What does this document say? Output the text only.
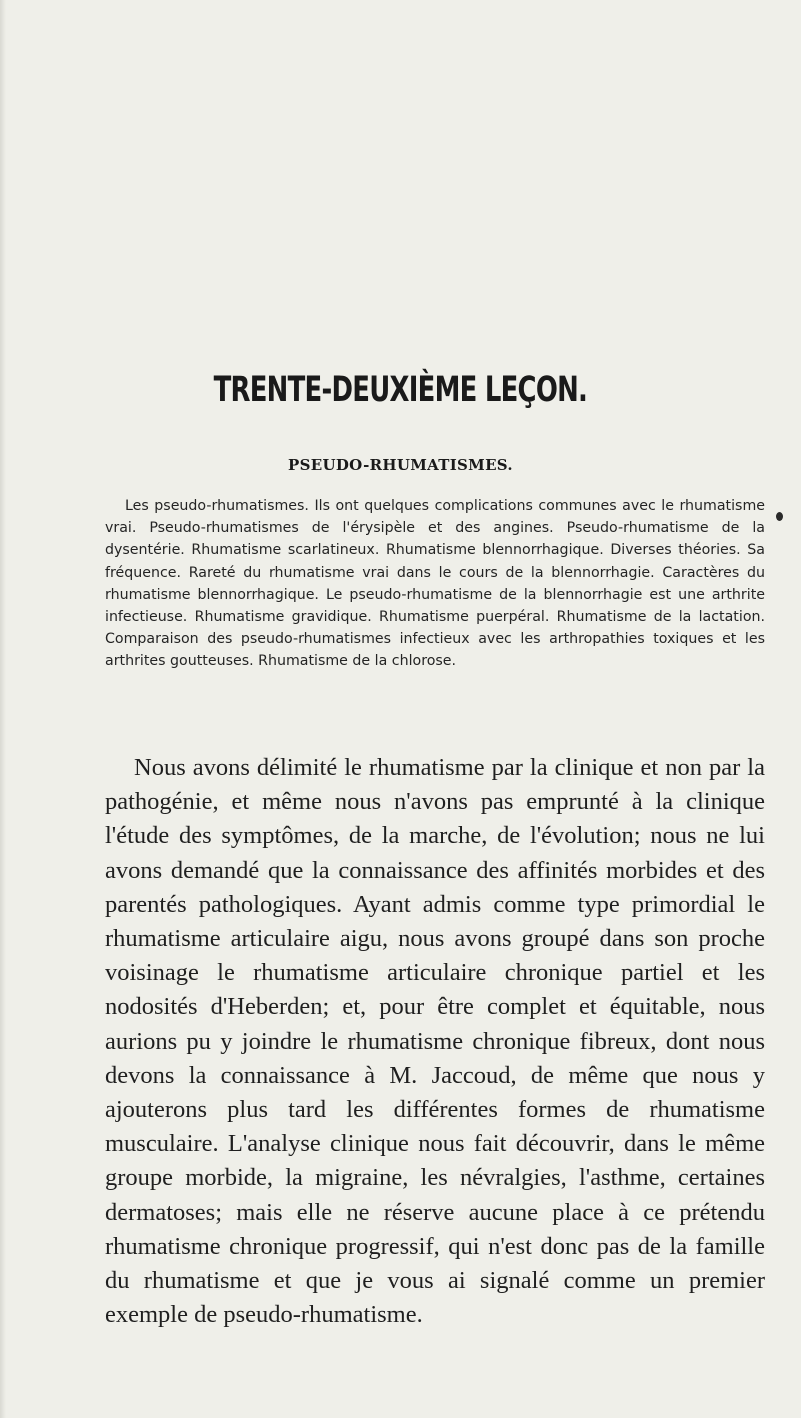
TRENTE-DEUXIÈME LEÇON.
PSEUDO-RHUMATISMES.

Les pseudo-rhumatismes. Ils ont quelques complications communes avec le rhumatisme vrai. Pseudo-rhumatismes de l'érysipèle et des angines. Pseudo-rhumatisme de la dysentérie. Rhumatisme scarlatineux. Rhumatisme blennorrhagique. Diverses théories. Sa fréquence. Rareté du rhumatisme vrai dans le cours de la blennorrhagie. Caractères du rhumatisme blennorrhagique. Le pseudo-rhumatisme de la blennorrhagie est une arthrite infectieuse. Rhumatisme gravidique. Rhumatisme puerpéral. Rhumatisme de la lactation. Comparaison des pseudo-rhumatismes infectieux avec les arthropathies toxiques et les arthrites goutteuses. Rhumatisme de la chlorose.

Nous avons délimité le rhumatisme par la clinique et non par la pathogénie, et même nous n'avons pas emprunté à la clinique l'étude des symptômes, de la marche, de l'évolution; nous ne lui avons demandé que la connaissance des affinités morbides et des parentés pathologiques. Ayant admis comme type primordial le rhumatisme articulaire aigu, nous avons groupé dans son proche voisinage le rhumatisme articulaire chronique partiel et les nodosités d'Heberden; et, pour être complet et équitable, nous aurions pu y joindre le rhumatisme chronique fibreux, dont nous devons la connaissance à M. Jaccoud, de même que nous y ajouterons plus tard les différentes formes de rhumatisme musculaire. L'analyse clinique nous fait découvrir, dans le même groupe morbide, la migraine, les névralgies, l'asthme, certaines dermatoses; mais elle ne réserve aucune place à ce prétendu rhumatisme chronique progressif, qui n'est donc pas de la famille du rhumatisme et que je vous ai signalé comme un premier exemple de pseudo-rhumatisme.
